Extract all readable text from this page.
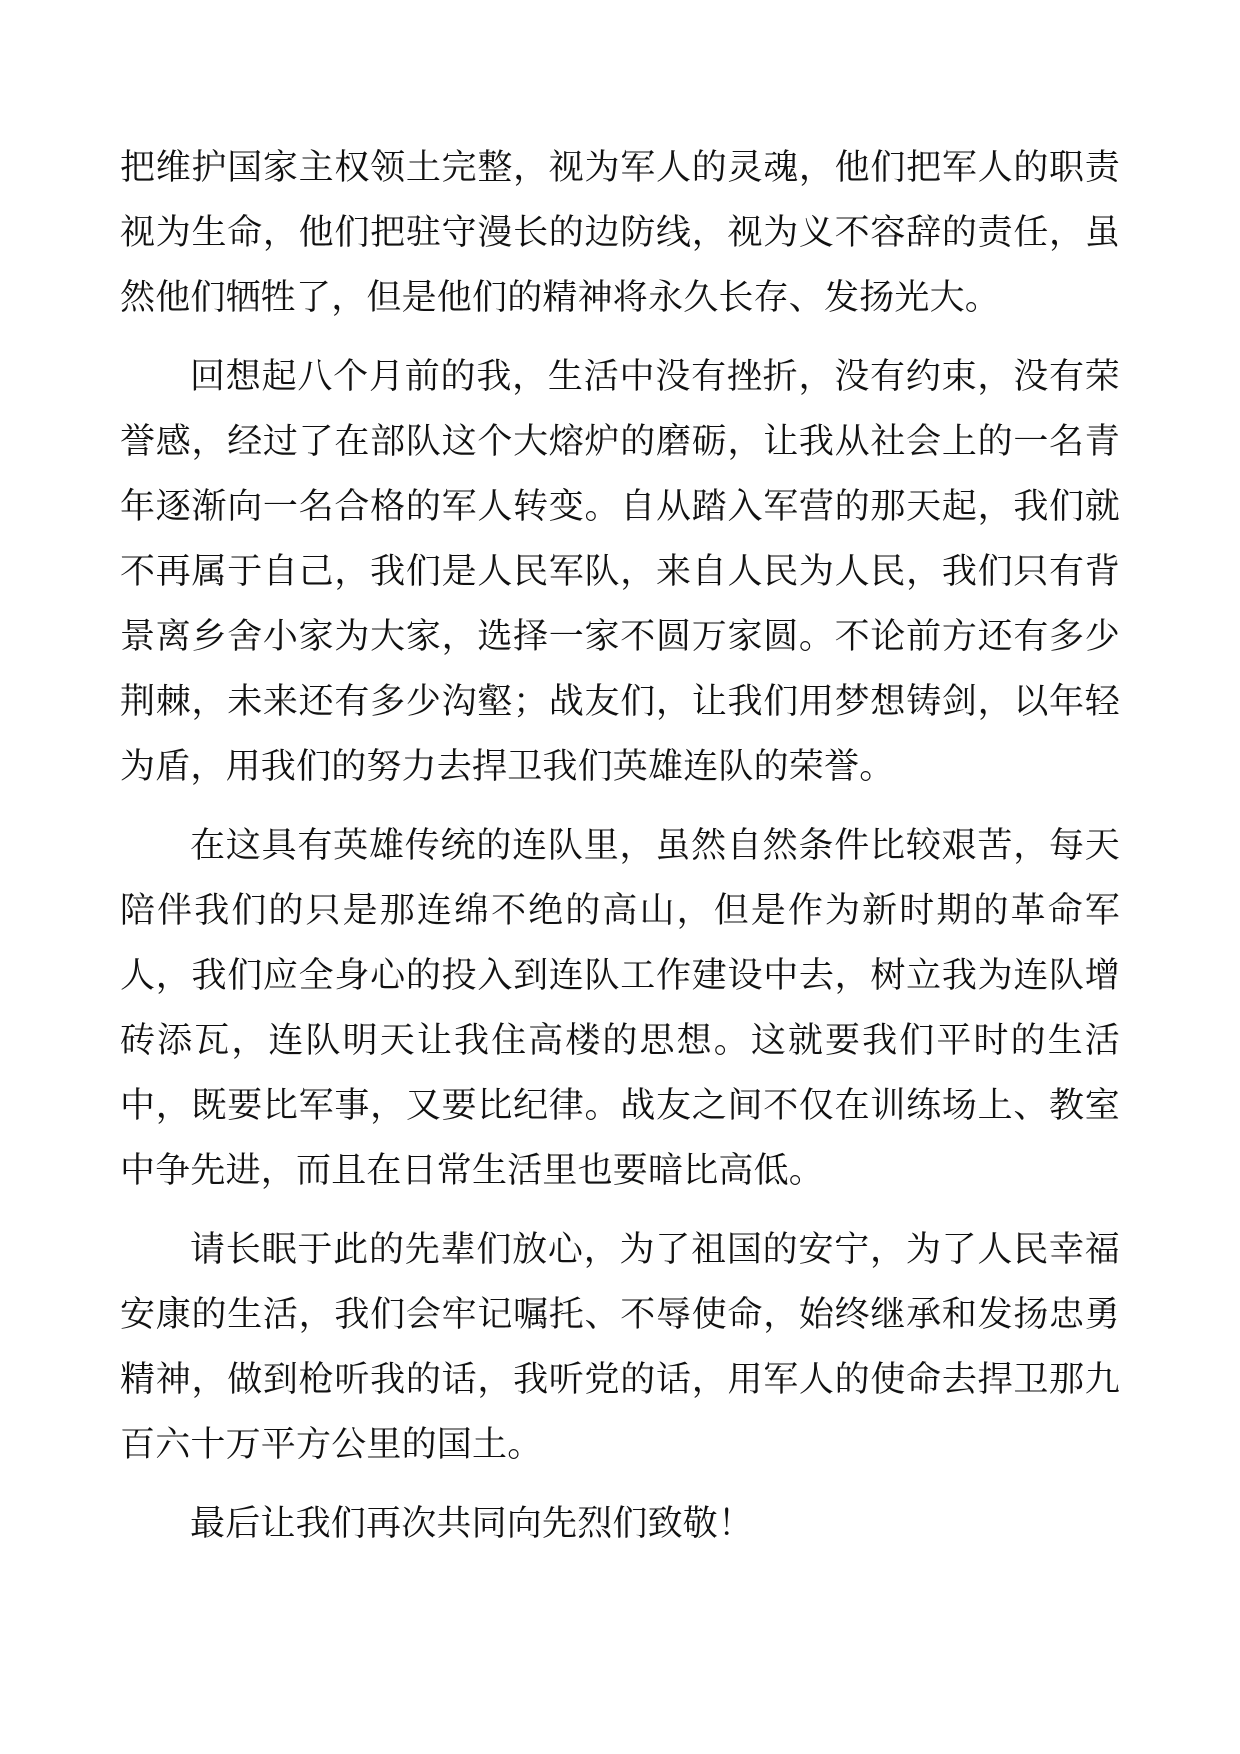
把维护国家主权领土完整，视为军人的灵魂，他们把军人的职责视为生命，他们把驻守漫长的边防线，视为义不容辞的责任，虽然他们牺牲了，但是他们的精神将永久长存、发扬光大。

回想起八个月前的我，生活中没有挫折，没有约束，没有荣誉感，经过了在部队这个大熔炉的磨砺，让我从社会上的一名青年逐渐向一名合格的军人转变。自从踏入军营的那天起，我们就不再属于自己，我们是人民军队，来自人民为人民，我们只有背景离乡舍小家为大家，选择一家不圆万家圆。不论前方还有多少荆棘，未来还有多少沟壑；战友们，让我们用梦想铸剑，以年轻为盾，用我们的努力去捍卫我们英雄连队的荣誉。

在这具有英雄传统的连队里，虽然自然条件比较艰苦，每天陪伴我们的只是那连绵不绝的高山，但是作为新时期的革命军人，我们应全身心的投入到连队工作建设中去，树立我为连队增砖添瓦，连队明天让我住高楼的思想。这就要我们平时的生活中，既要比军事，又要比纪律。战友之间不仅在训练场上、教室中争先进，而且在日常生活里也要暗比高低。

请长眠于此的先辈们放心，为了祖国的安宁，为了人民幸福安康的生活，我们会牢记嘱托、不辱使命，始终继承和发扬忠勇精神，做到枪听我的话，我听党的话，用军人的使命去捍卫那九百六十万平方公里的国土。

最后让我们再次共同向先烈们致敬！
